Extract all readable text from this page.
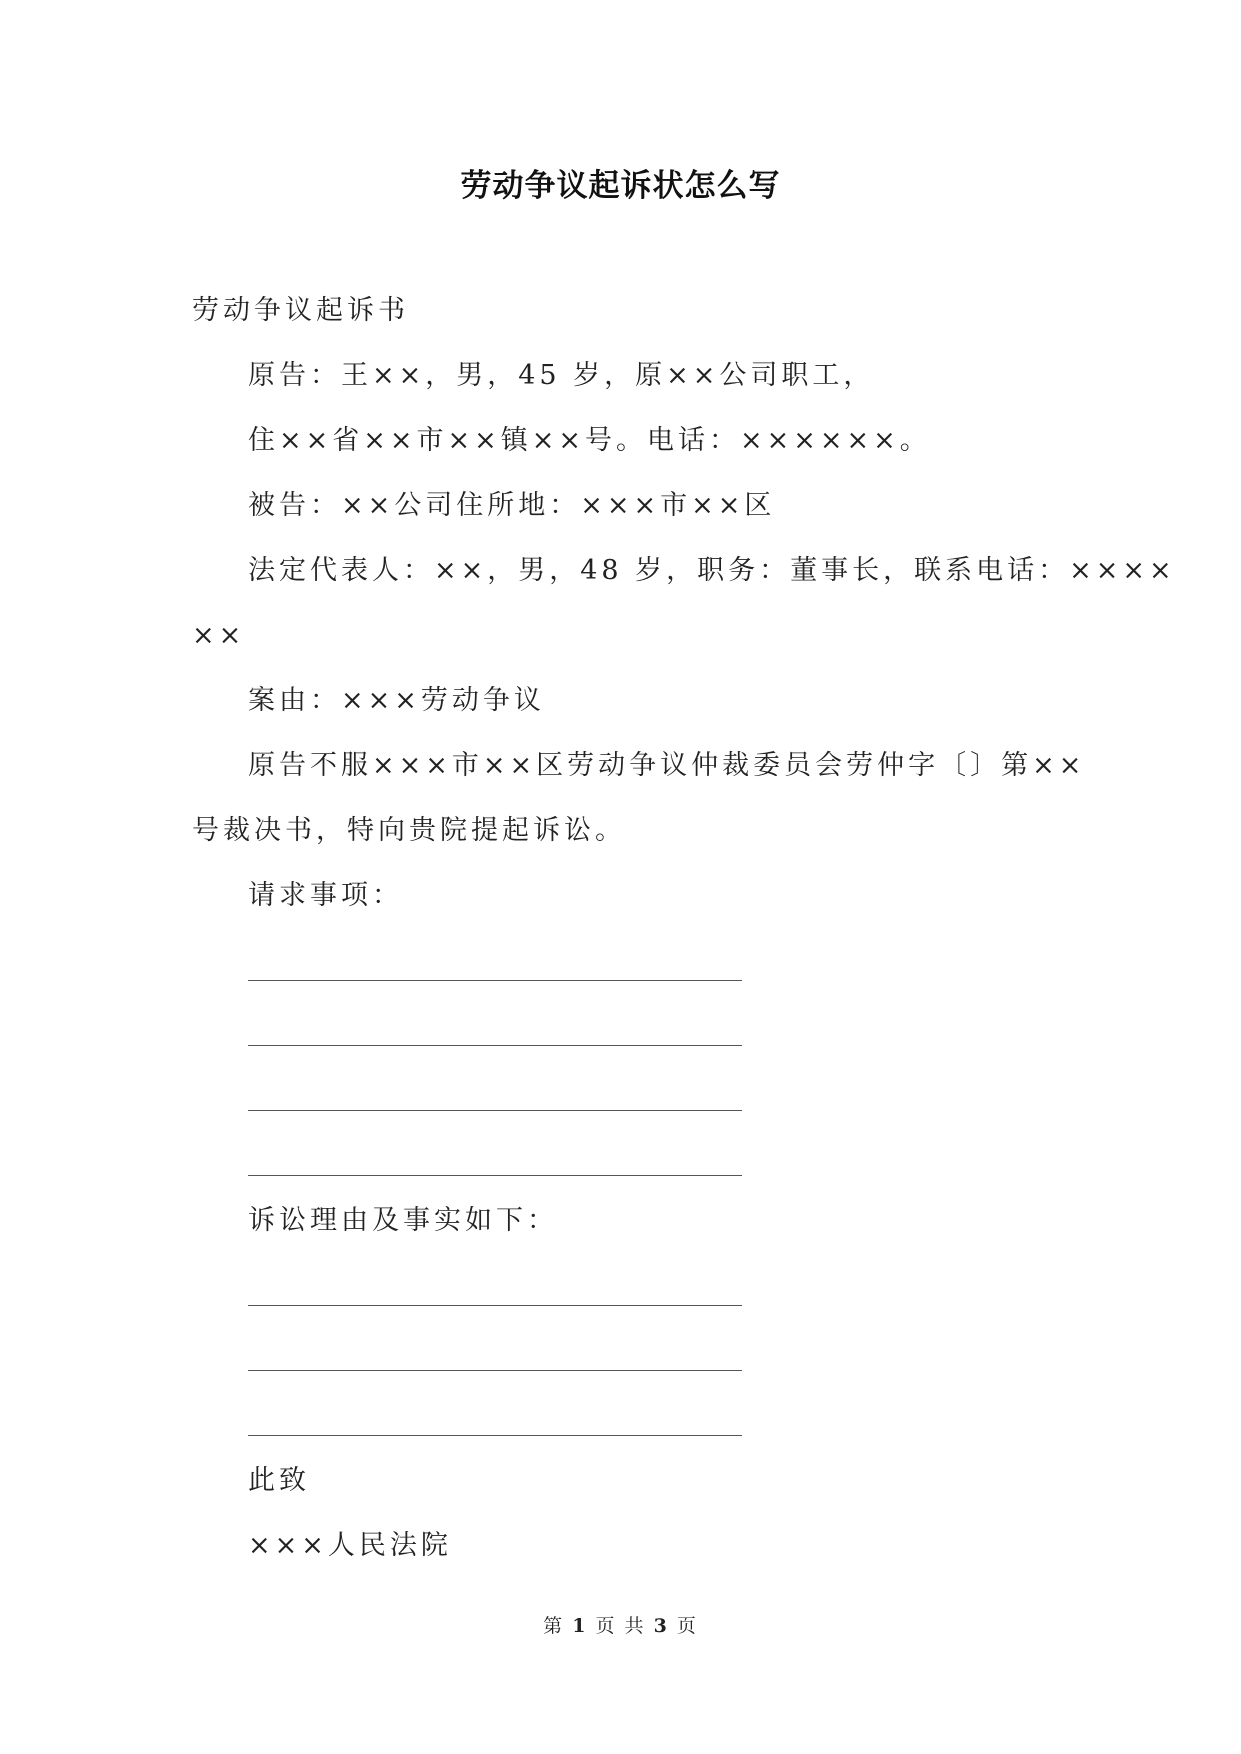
劳动争议起诉状怎么写
劳动争议起诉书
原告：王××，男，45 岁，原××公司职工，
住××省××市××镇××号。电话：××××××。
被告：××公司住所地：×××市××区
法定代表人：××，男，48 岁，职务：董事长，联系电话：××××
××
案由：×××劳动争议
原告不服×××市××区劳动争议仲裁委员会劳仲字〔〕第××
号裁决书，特向贵院提起诉讼。
请求事项：
诉讼理由及事实如下：
此致
×××人民法院
第 1 页 共 3 页
